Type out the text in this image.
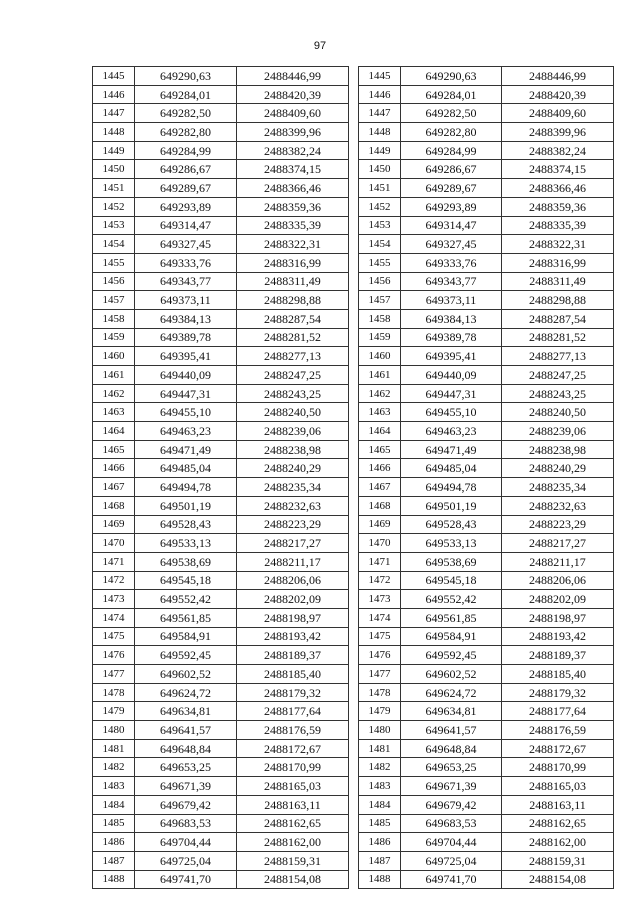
97
1445	649290,63	2488446,99
1446	649284,01	2488420,39
1447	649282,50	2488409,60
1448	649282,80	2488399,96
1449	649284,99	2488382,24
1450	649286,67	2488374,15
1451	649289,67	2488366,46
1452	649293,89	2488359,36
1453	649314,47	2488335,39
1454	649327,45	2488322,31
1455	649333,76	2488316,99
1456	649343,77	2488311,49
1457	649373,11	2488298,88
1458	649384,13	2488287,54
1459	649389,78	2488281,52
1460	649395,41	2488277,13
1461	649440,09	2488247,25
1462	649447,31	2488243,25
1463	649455,10	2488240,50
1464	649463,23	2488239,06
1465	649471,49	2488238,98
1466	649485,04	2488240,29
1467	649494,78	2488235,34
1468	649501,19	2488232,63
1469	649528,43	2488223,29
1470	649533,13	2488217,27
1471	649538,69	2488211,17
1472	649545,18	2488206,06
1473	649552,42	2488202,09
1474	649561,85	2488198,97
1475	649584,91	2488193,42
1476	649592,45	2488189,37
1477	649602,52	2488185,40
1478	649624,72	2488179,32
1479	649634,81	2488177,64
1480	649641,57	2488176,59
1481	649648,84	2488172,67
1482	649653,25	2488170,99
1483	649671,39	2488165,03
1484	649679,42	2488163,11
1485	649683,53	2488162,65
1486	649704,44	2488162,00
1487	649725,04	2488159,31
1488	649741,70	2488154,08
1445	649290,63	2488446,99
1446	649284,01	2488420,39
1447	649282,50	2488409,60
1448	649282,80	2488399,96
1449	649284,99	2488382,24
1450	649286,67	2488374,15
1451	649289,67	2488366,46
1452	649293,89	2488359,36
1453	649314,47	2488335,39
1454	649327,45	2488322,31
1455	649333,76	2488316,99
1456	649343,77	2488311,49
1457	649373,11	2488298,88
1458	649384,13	2488287,54
1459	649389,78	2488281,52
1460	649395,41	2488277,13
1461	649440,09	2488247,25
1462	649447,31	2488243,25
1463	649455,10	2488240,50
1464	649463,23	2488239,06
1465	649471,49	2488238,98
1466	649485,04	2488240,29
1467	649494,78	2488235,34
1468	649501,19	2488232,63
1469	649528,43	2488223,29
1470	649533,13	2488217,27
1471	649538,69	2488211,17
1472	649545,18	2488206,06
1473	649552,42	2488202,09
1474	649561,85	2488198,97
1475	649584,91	2488193,42
1476	649592,45	2488189,37
1477	649602,52	2488185,40
1478	649624,72	2488179,32
1479	649634,81	2488177,64
1480	649641,57	2488176,59
1481	649648,84	2488172,67
1482	649653,25	2488170,99
1483	649671,39	2488165,03
1484	649679,42	2488163,11
1485	649683,53	2488162,65
1486	649704,44	2488162,00
1487	649725,04	2488159,31
1488	649741,70	2488154,08
